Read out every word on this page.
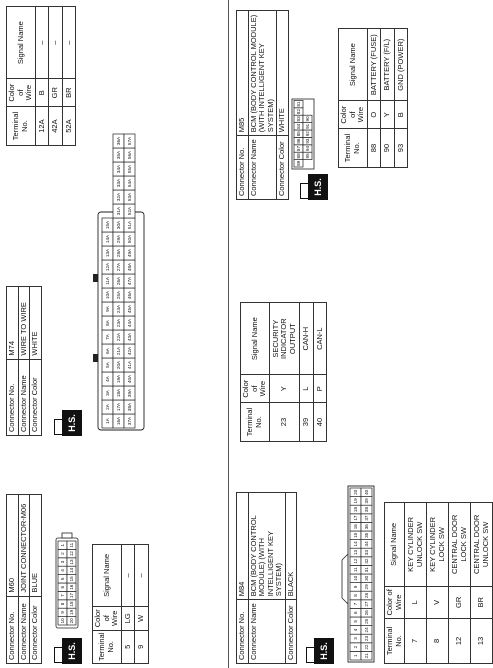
Connector No.	M60
Connector Name	JOINT CONNECTOR-M06
Connector Color	BLUE
H.S.
10
9
8
7
6
5
4
3
2
1
20
19
18
17
16
15
14
13
12
11
Terminal No.	Color of Wire	Signal Name
5	LG	–
9	W	–
Connector No.	M74
Connector Name	WIRE TO WIRE
Connector Color	WHITE
H.S.	1A
2A
3A
4A
5A
6A
7A
8A
9A
10A
11A
12A
13A
14A
15A
16A
17A
18A
19A
20A
21A
22A
23A
24A
25A
26A
27A
28A
29A
30A
31A
32A
33A
34A
35A
36A
37A
38A
39A
40A
41A
42A
43A
44A
45A
46A
47A
48A
49A
50A
51A
52A
53A
54A
55A
56A
57A
Terminal No.	Color of Wire	Signal Name
12A	B	–
42A	GR	–
52A	BR	–
Connector No.	M84
Connector Name	BCM (BODY CONTROL MODULE) (WITH INTELLIGENT KEY SYSTEM)
Connector Color	BLACK
H.S.	1
2
3
4
5
6
7
8
9
10
11
12
13
14
15
16
17
18
19
20
21
22
23
24
25
26
27
28
29
30
31
32
33
34
35
36
37
38
39
40
Terminal No.	Color of Wire	Signal Name
7	L	KEY CYLINDER UNLOCK SW
8	V	KEY CYLINDER LOCK SW
12	GR	CENTRAL DOOR LOCK SW
13	BR	CENTRAL DOOR UNLOCK SW
Terminal No.	Color of Wire	Signal Name
23	Y	SECURITY INDICATOR OUTPUT
39	L	CAN-H
40	P	CAN-L
Connector No.	M85
Connector Name	BCM (BODY CONTROL MODULE) (WITH INTELLIGENT KEY SYSTEM)
Connector Color	WHITE
H.S.
89
88
87
86
85
84
83
82
81
95
94
93
92
91
90
Terminal No.	Color of Wire	Signal Name
88	O	BATTERY (FUSE)
90	Y	BATTERY (F/L)
93	B	GND (POWER)
